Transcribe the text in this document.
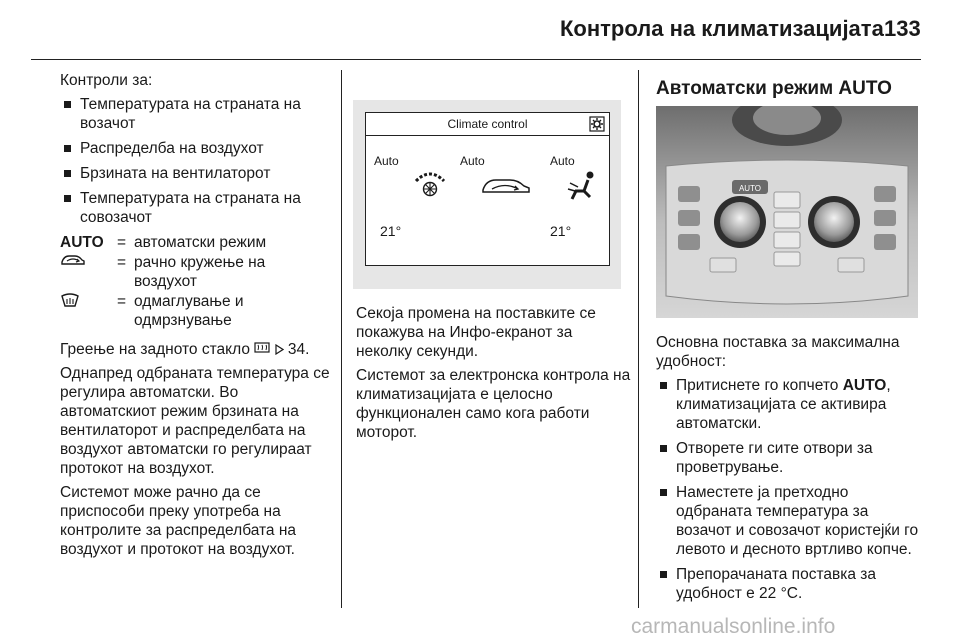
Контрола на климатизацијата 133

Контроли за:

Температурата на страната на возачот
Распределба на воздухот
Брзината на вентилаторот
Температурата на страната на совозачот
AUTO = автоматски режим
= рачно кружење на воздухот
= одмаглување и одмрзнување

Греење на задното стакло   34.

Однапред одбраната температура се регулира автоматски. Во автоматскиот режим брзината на вентилаторот и распределбата на воздухот автоматски го регулираат протокот на воздухот.

Системот може рачно да се приспособи преку употреба на контролите за распределбата на воздухот и протокот на воздухот.

Climate control
Auto	Auto	Auto
21°	21°

Секоја промена на поставките се покажува на Инфо-екранот за неколку секунди.

Системот за електронска контрола на климатизацијата е целосно функционален само кога работи моторот.

Автоматски режим AUTO
AUTO

Основна поставка за максимална удобност:

Притиснете го копчето AUTO, климатизацијата се активира автоматски.
Отворете ги сите отвори за проветрување.
Наместете ја претходно одбраната температура за возачот и совозачот користејќи го левото и десното вртливо копче.
Препорачаната поставка за удобност е 22 °C.
carmanualsonline.info
